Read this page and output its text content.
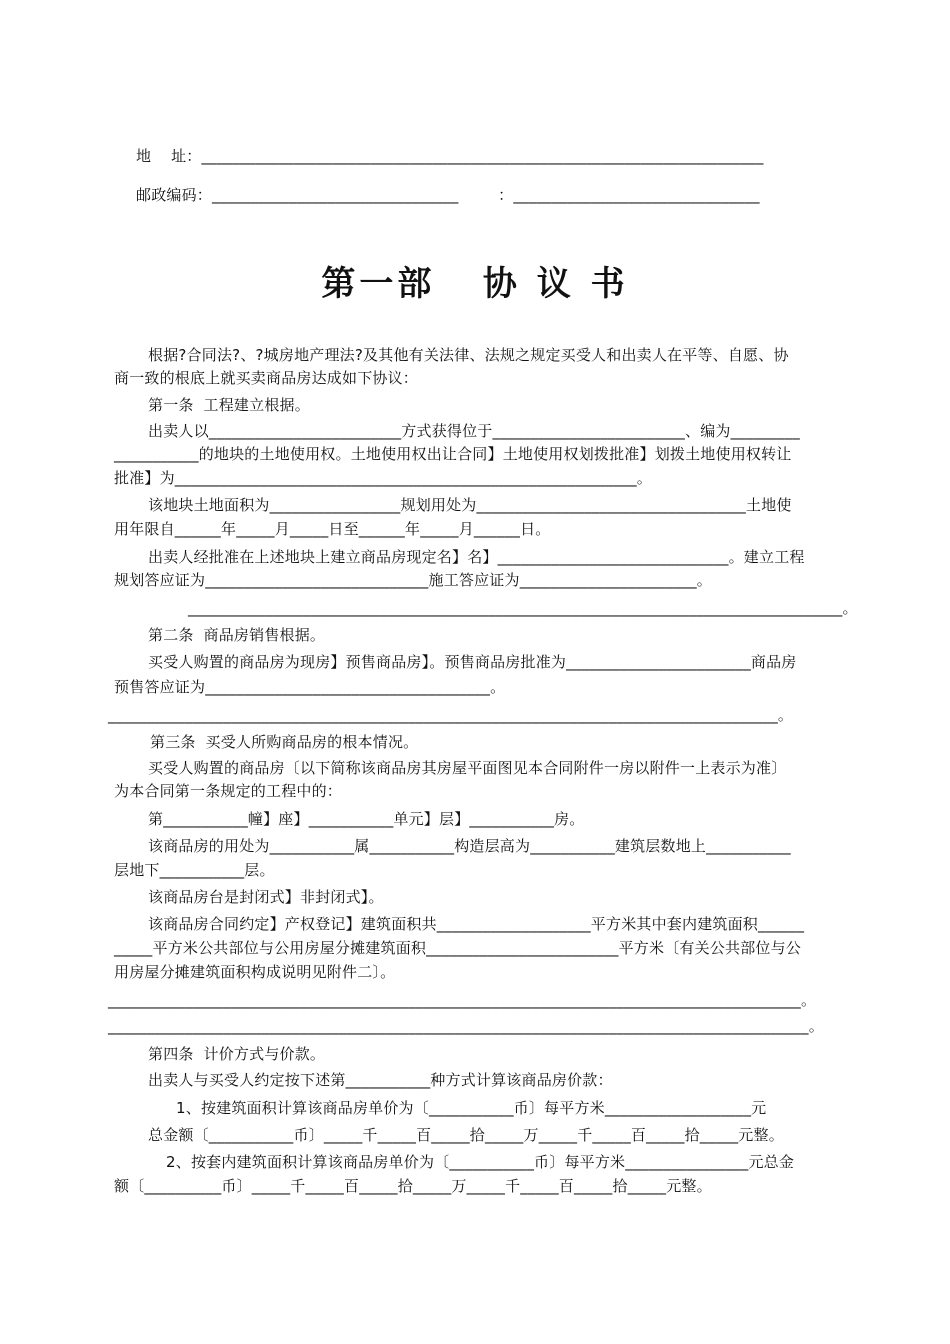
地    址：_________________________________________________________________________
邮政编码：________________________________        ：________________________________
第一部   协 议 书
根据?合同法?、?城房地产理法?及其他有关法律、法规之规定买受人和出卖人在平等、自愿、协
商一致的根底上就买卖商品房达成如下协议：
第一条  工程建立根据。
出卖人以_________________________方式获得位于_________________________、编为_________
___________的地块的土地使用权。土地使用权出让合同】土地使用权划拨批准】划拨土地使用权转让
批准】为____________________________________________________________。
该地块土地面积为_________________规划用处为___________________________________土地使
用年限自______年_____月_____日至______年_____月______日。
出卖人经批准在上述地块上建立商品房现定名】名】______________________________。建立工程
规划答应证为_____________________________施工答应证为_______________________。
_____________________________________________________________________________________。
第二条  商品房销售根据。
买受人购置的商品房为现房】预售商品房】。预售商品房批准为________________________商品房
预售答应证为_____________________________________。
_______________________________________________________________________________________。
第三条  买受人所购商品房的根本情况。
买受人购置的商品房〔以下简称该商品房其房屋平面图见本合同附件一房以附件一上表示为准〕
为本合同第一条规定的工程中的：
第___________幢】座】___________单元】层】___________房。
该商品房的用处为___________属___________构造层高为___________建筑层数地上___________
层地下___________层。
该商品房台是封闭式】非封闭式】。
该商品房合同约定】产权登记】建筑面积共____________________平方米其中套内建筑面积______
_____平方米公共部位与公用房屋分摊建筑面积_________________________平方米〔有关公共部位与公
用房屋分摊建筑面积构成说明见附件二〕。
__________________________________________________________________________________________。
___________________________________________________________________________________________。
第四条  计价方式与价款。
出卖人与买受人约定按下述第___________种方式计算该商品房价款：
1、按建筑面积计算该商品房单价为〔___________币〕每平方米___________________元
总金额〔___________币〕_____千_____百_____拾_____万_____千_____百_____拾_____元整。
2、按套内建筑面积计算该商品房单价为〔___________币〕每平方米________________元总金
额〔__________币〕_____千_____百_____拾_____万_____千_____百_____拾_____元整。
